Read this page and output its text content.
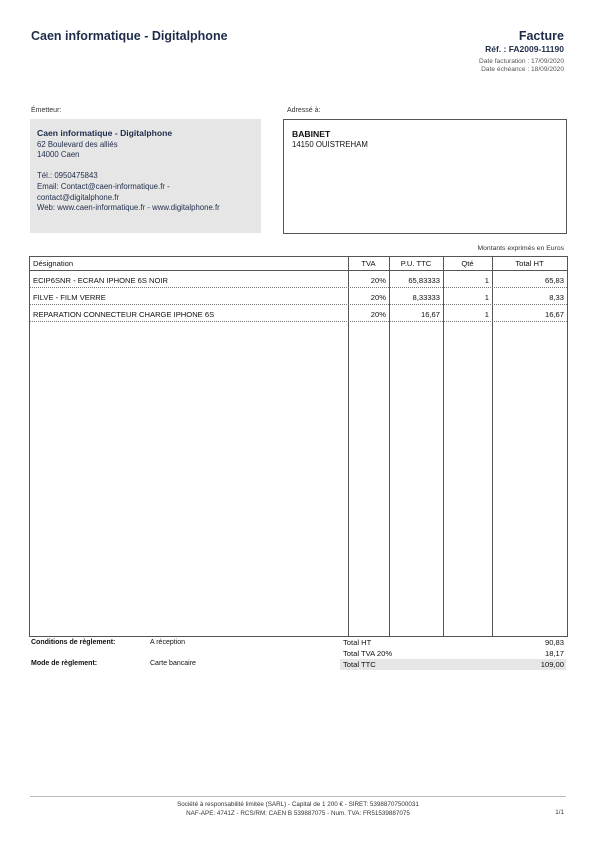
Caen informatique - Digitalphone	Facture
Réf. : FA2009-11190
Date facturation : 17/09/2020
Date échéance : 18/09/2020
Émetteur:
Caen informatique - Digitalphone
62 Boulevard des alliés
14000 Caen
Tél.: 0950475843
Email: Contact@caen-informatique.fr -
contact@digitalphone.fr
Web: www.caen-informatique.fr - www.digitalphone.fr
Adressé à:
BABINET
14150 OUISTREHAM
Montants exprimés en Euros
Désignation	TVA	P.U. TTC	Qté	Total HT
ECIP6SNR - ECRAN IPHONE 6S NOIR	20%	65,83333	1	65,83
FILVE - FILM VERRE	20%	8,33333	1	8,33
REPARATION CONNECTEUR CHARGE IPHONE 6S	20%	16,67	1	16,67
Conditions de règlement:	A réception
Mode de règlement:	Carte bancaire
Total HT	90,83
Total TVA 20%	18,17
Total TTC	109,00
Société à responsabilité limitée (SARL) - Capital de 1 200 € - SIRET: 53988707500031
NAF-APE: 4741Z - RCS/RM: CAEN B 539887075 - Num. TVA: FR51539887075	1/1
